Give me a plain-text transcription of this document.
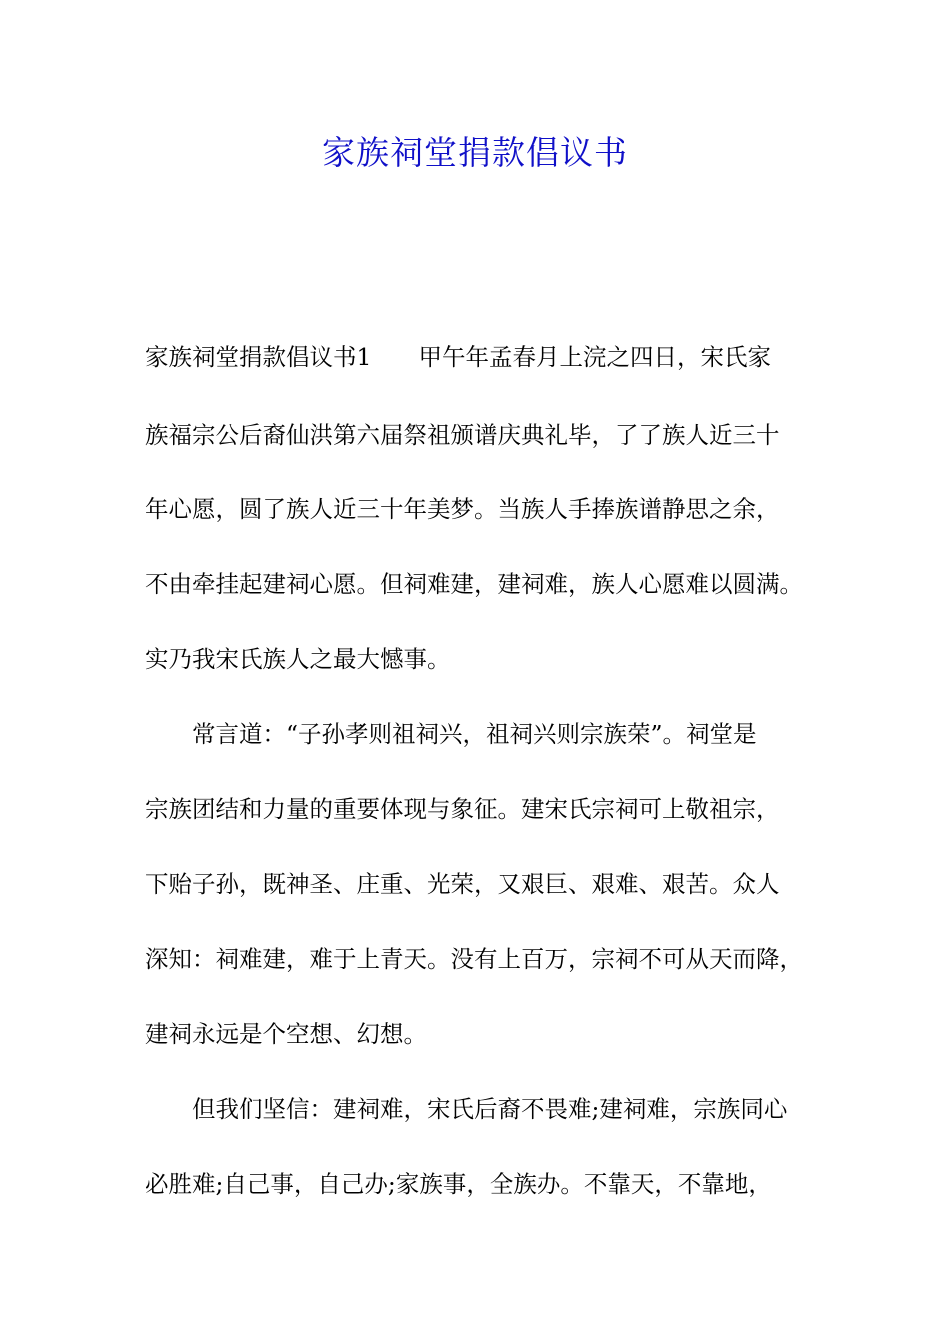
家族祠堂捐款倡议书
家族祠堂捐款倡议书1　　甲午年孟春月上浣之四日，宋氏家
族福宗公后裔仙洪第六届祭祖颁谱庆典礼毕，了了族人近三十
年心愿，圆了族人近三十年美梦。当族人手捧族谱静思之余，
不由牵挂起建祠心愿。但祠难建，建祠难，族人心愿难以圆满。
实乃我宋氏族人之最大憾事。
常言道：“子孙孝则祖祠兴，祖祠兴则宗族荣”。祠堂是
宗族团结和力量的重要体现与象征。建宋氏宗祠可上敬祖宗，
下贻子孙，既神圣、庄重、光荣，又艰巨、艰难、艰苦。众人
深知：祠难建，难于上青天。没有上百万，宗祠不可从天而降，
建祠永远是个空想、幻想。
但我们坚信：建祠难，宋氏后裔不畏难;建祠难，宗族同心
必胜难;自己事，自己办;家族事，全族办。不靠天，不靠地，
